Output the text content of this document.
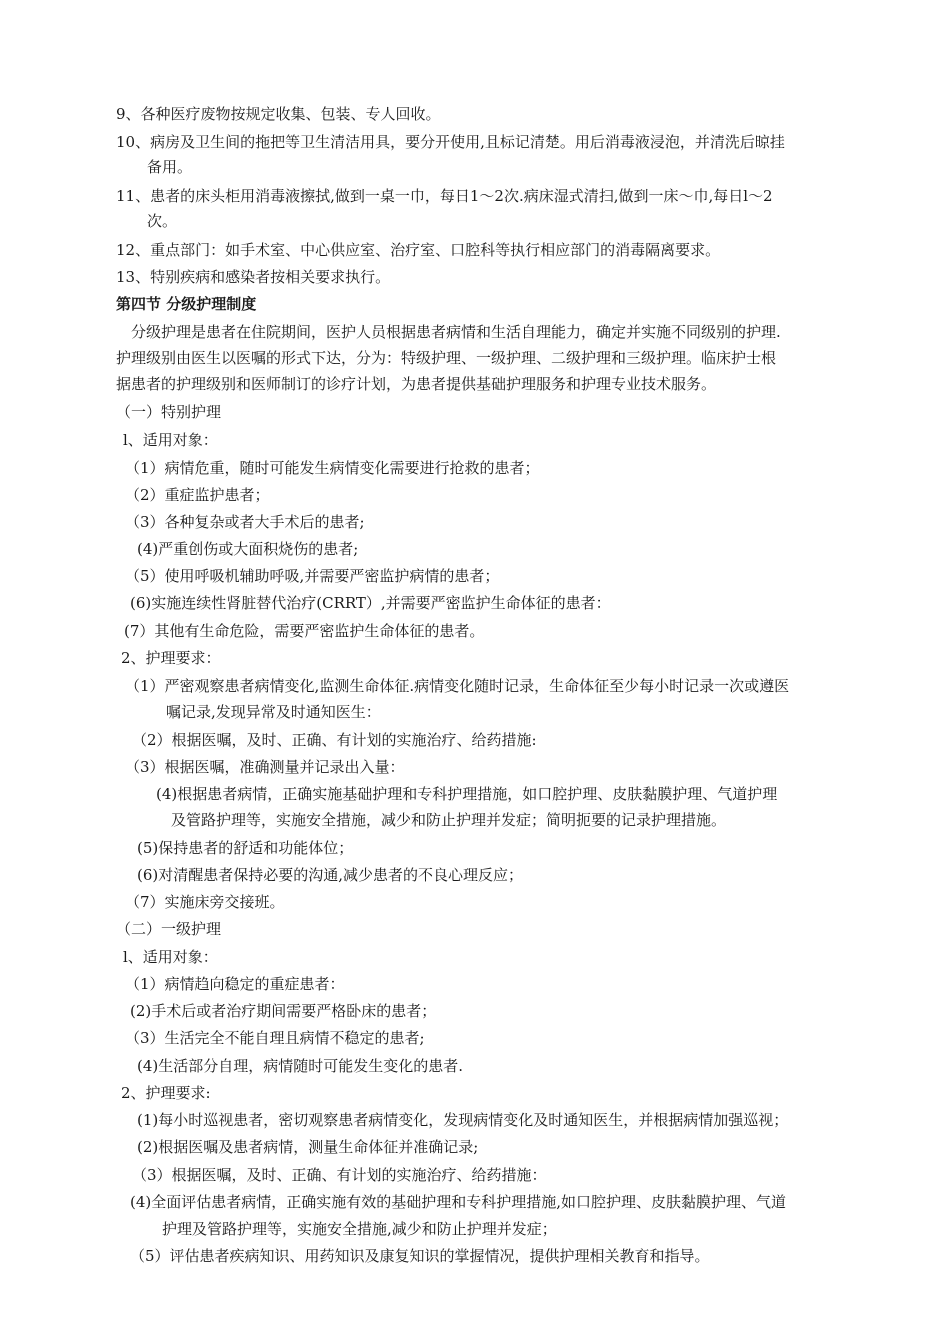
9、各种医疗废物按规定收集、包装、专人回收。
10、病房及卫生间的拖把等卫生清洁用具，要分开使用,且标记清楚。用后消毒液浸泡，并清洗后晾挂
备用。
11、患者的床头柜用消毒液擦拭,做到一桌一巾，每日1～2次.病床湿式清扫,做到一床～巾,每日l～2
次。
12、重点部门：如手术室、中心供应室、治疗室、口腔科等执行相应部门的消毒隔离要求。
13、特别疾病和感染者按相关要求执行。
第四节 分级护理制度
分级护理是患者在住院期间，医护人员根据患者病情和生活自理能力，确定并实施不同级别的护理.
护理级别由医生以医嘱的形式下达，分为：特级护理、一级护理、二级护理和三级护理。临床护士根
据患者的护理级别和医师制订的诊疗计划，为患者提供基础护理服务和护理专业技术服务。
（一）特别护理
l、适用对象：
（1）病情危重，随时可能发生病情变化需要进行抢救的患者；
（2）重症监护患者；
（3）各种复杂或者大手术后的患者;
(4)严重创伤或大面积烧伤的患者;
（5）使用呼吸机辅助呼吸,并需要严密监护病情的患者；
(6)实施连续性肾脏替代治疗(CRRT）,并需要严密监护生命体征的患者：
(7）其他有生命危险，需要严密监护生命体征的患者。
2、护理要求：
（1）严密观察患者病情变化,监测生命体征.病情变化随时记录，生命体征至少每小时记录一次或遵医
嘱记录,发现异常及时通知医生：
（2）根据医嘱，及时、正确、有计划的实施治疗、给药措施:
（3）根据医嘱，准确测量并记录出入量：
(4)根据患者病情，正确实施基础护理和专科护理措施，如口腔护理、皮肤黏膜护理、气道护理
及管路护理等，实施安全措施，减少和防止护理并发症；简明扼要的记录护理措施。
(5)保持患者的舒适和功能体位；
(6)对清醒患者保持必要的沟通,减少患者的不良心理反应；
（7）实施床旁交接班。
（二）一级护理
l、适用对象：
（1）病情趋向稳定的重症患者：
(2)手术后或者治疗期间需要严格卧床的患者；
（3）生活完全不能自理且病情不稳定的患者;
(4)生活部分自理，病情随时可能发生变化的患者.
2、护理要求:
(1)每小时巡视患者，密切观察患者病情变化，发现病情变化及时通知医生，并根据病情加强巡视；
(2)根据医嘱及患者病情，测量生命体征并准确记录;
（3）根据医嘱，及时、正确、有计划的实施治疗、给药措施：
(4)全面评估患者病情，正确实施有效的基础护理和专科护理措施,如口腔护理、皮肤黏膜护理、气道
护理及管路护理等，实施安全措施,减少和防止护理并发症；
（5）评估患者疾病知识、用药知识及康复知识的掌握情况，提供护理相关教育和指导。
